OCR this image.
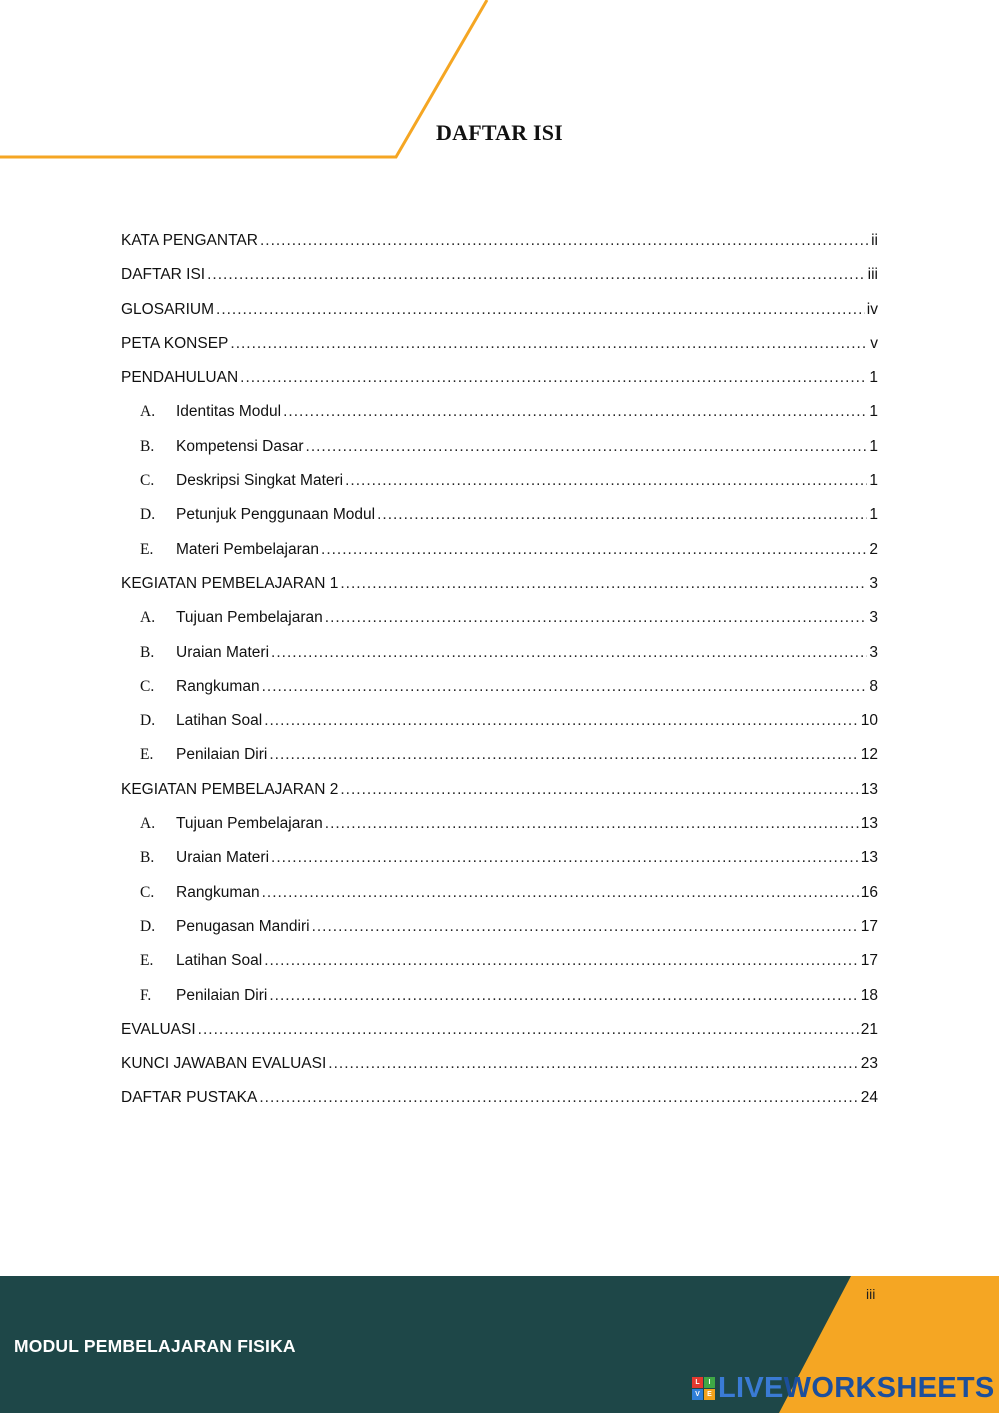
DAFTAR ISI
KATA PENGANTAR .....	ii
DAFTAR ISI .....	iii
GLOSARIUM .....	iv
PETA KONSEP .....	v
PENDAHULUAN .....	1
A.	Identitas Modul .....	1
B.	Kompetensi Dasar .....	1
C.	Deskripsi Singkat Materi .....	1
D.	Petunjuk Penggunaan Modul .....	1
E.	Materi Pembelajaran .....	2
KEGIATAN PEMBELAJARAN 1 .....	3
A.	Tujuan Pembelajaran .....	3
B.	Uraian Materi .....	3
C.	Rangkuman .....	8
D.	Latihan Soal .....	10
E.	Penilaian Diri .....	12
KEGIATAN PEMBELAJARAN 2 .....	13
A.	Tujuan Pembelajaran .....	13
B.	Uraian Materi .....	13
C.	Rangkuman .....	16
D.	Penugasan Mandiri .....	17
E.	Latihan Soal .....	17
F.	Penilaian Diri .....	18
EVALUASI .....	21
KUNCI JAWABAN EVALUASI .....	23
DAFTAR PUSTAKA .....	24
MODUL PEMBELAJARAN FISIKA
iii
L	I
V	E LIVE WORKSHEETS
